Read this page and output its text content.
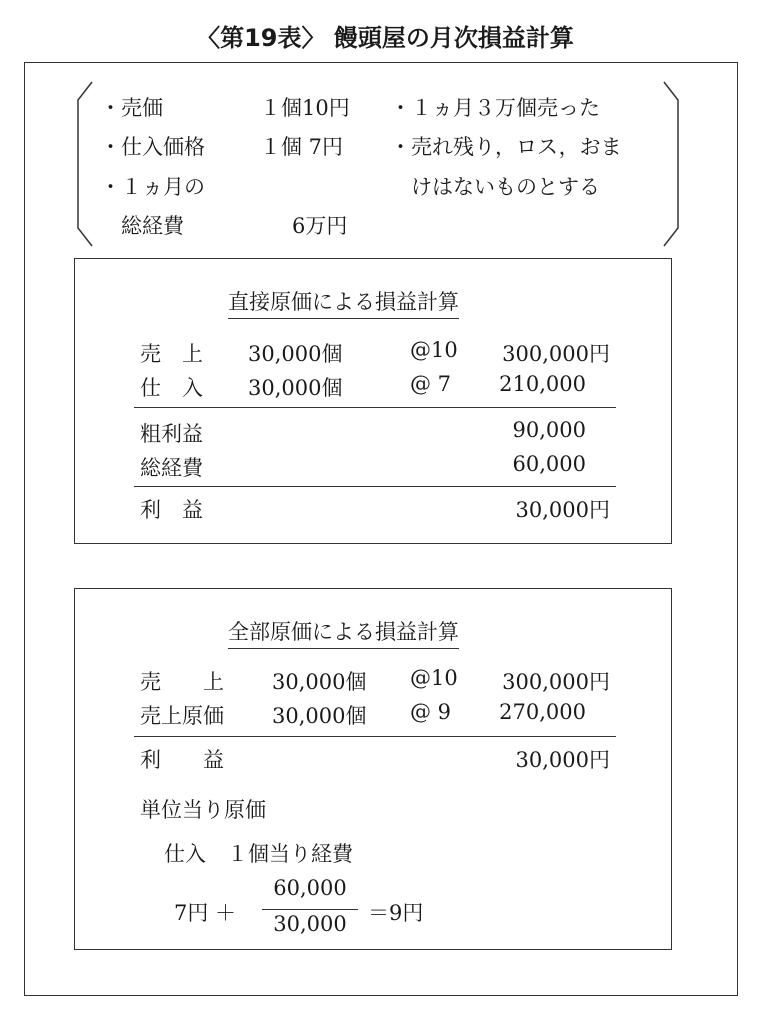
〈第19表〉 饅頭屋の月次損益計算
・売価	１個10円
・仕入価格	１個 7円
・１ヵ月の
　総経費	6万円
・１ヵ月３万個売った
・売れ残り，ロス，おま
　けはないものとする
直接原価による損益計算
売　上 30,000個	@10	300,000円
仕　入 30,000個	@ 7	210,000
粗利益	90,000
総経費	60,000
利　益	30,000円
全部原価による損益計算
売　　上 30,000個 @10	300,000円
売上原価 30,000個 @ 9	270,000
利　　益	30,000円
単位当り原価
仕入　１個当り経費
7円 ＋
60,000
30,000 ＝9円
